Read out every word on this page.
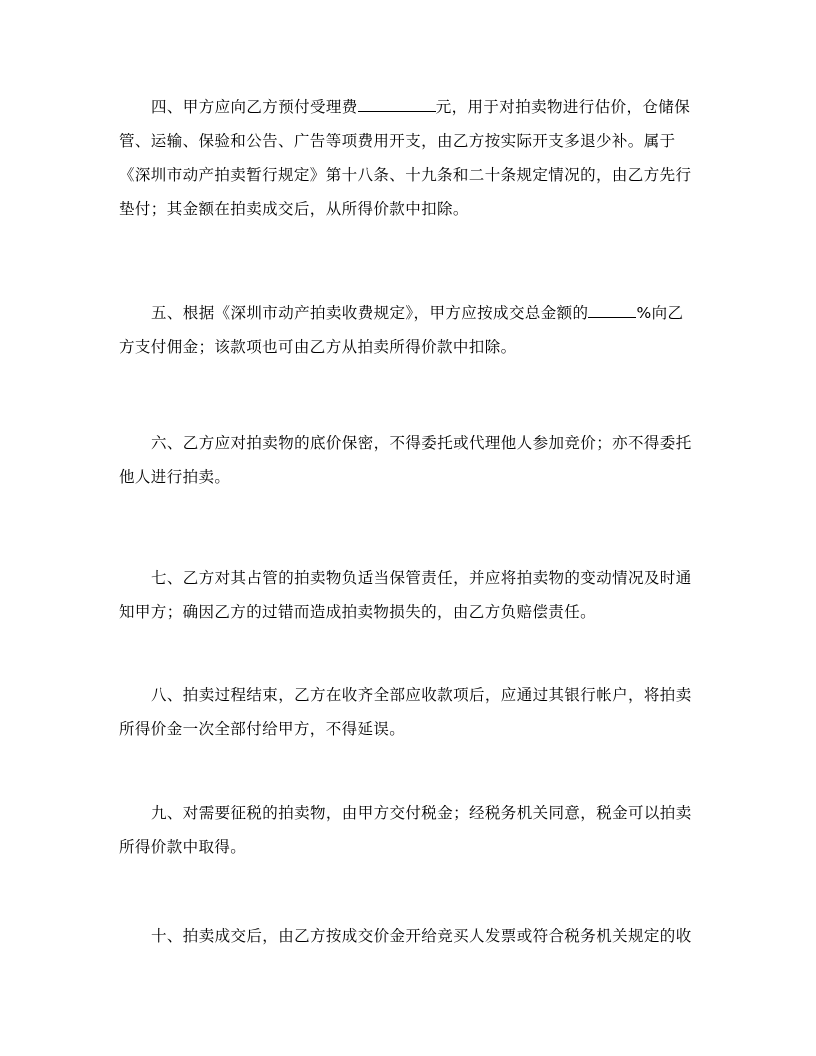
四、甲方应向乙方预付受理费	元，用于对拍卖物进行估价，仓储保管、运输、保验和公告、广告等项费用开支，由乙方按实际开支多退少补。属于《深圳市动产拍卖暂行规定》第十八条、十九条和二十条规定情况的，由乙方先行垫付；其金额在拍卖成交后，从所得价款中扣除。

五、根据《深圳市动产拍卖收费规定》，甲方应按成交总金额的	%向乙方支付佣金；该款项也可由乙方从拍卖所得价款中扣除。

六、乙方应对拍卖物的底价保密，不得委托或代理他人参加竞价；亦不得委托他人进行拍卖。

七、乙方对其占管的拍卖物负适当保管责任，并应将拍卖物的变动情况及时通知甲方；确因乙方的过错而造成拍卖物损失的，由乙方负赔偿责任。

八、拍卖过程结束，乙方在收齐全部应收款项后，应通过其银行帐户，将拍卖所得价金一次全部付给甲方，不得延误。

九、对需要征税的拍卖物，由甲方交付税金；经税务机关同意，税金可以拍卖所得价款中取得。

十、拍卖成交后，由乙方按成交价金开给竞买人发票或符合税务机关规定的收
